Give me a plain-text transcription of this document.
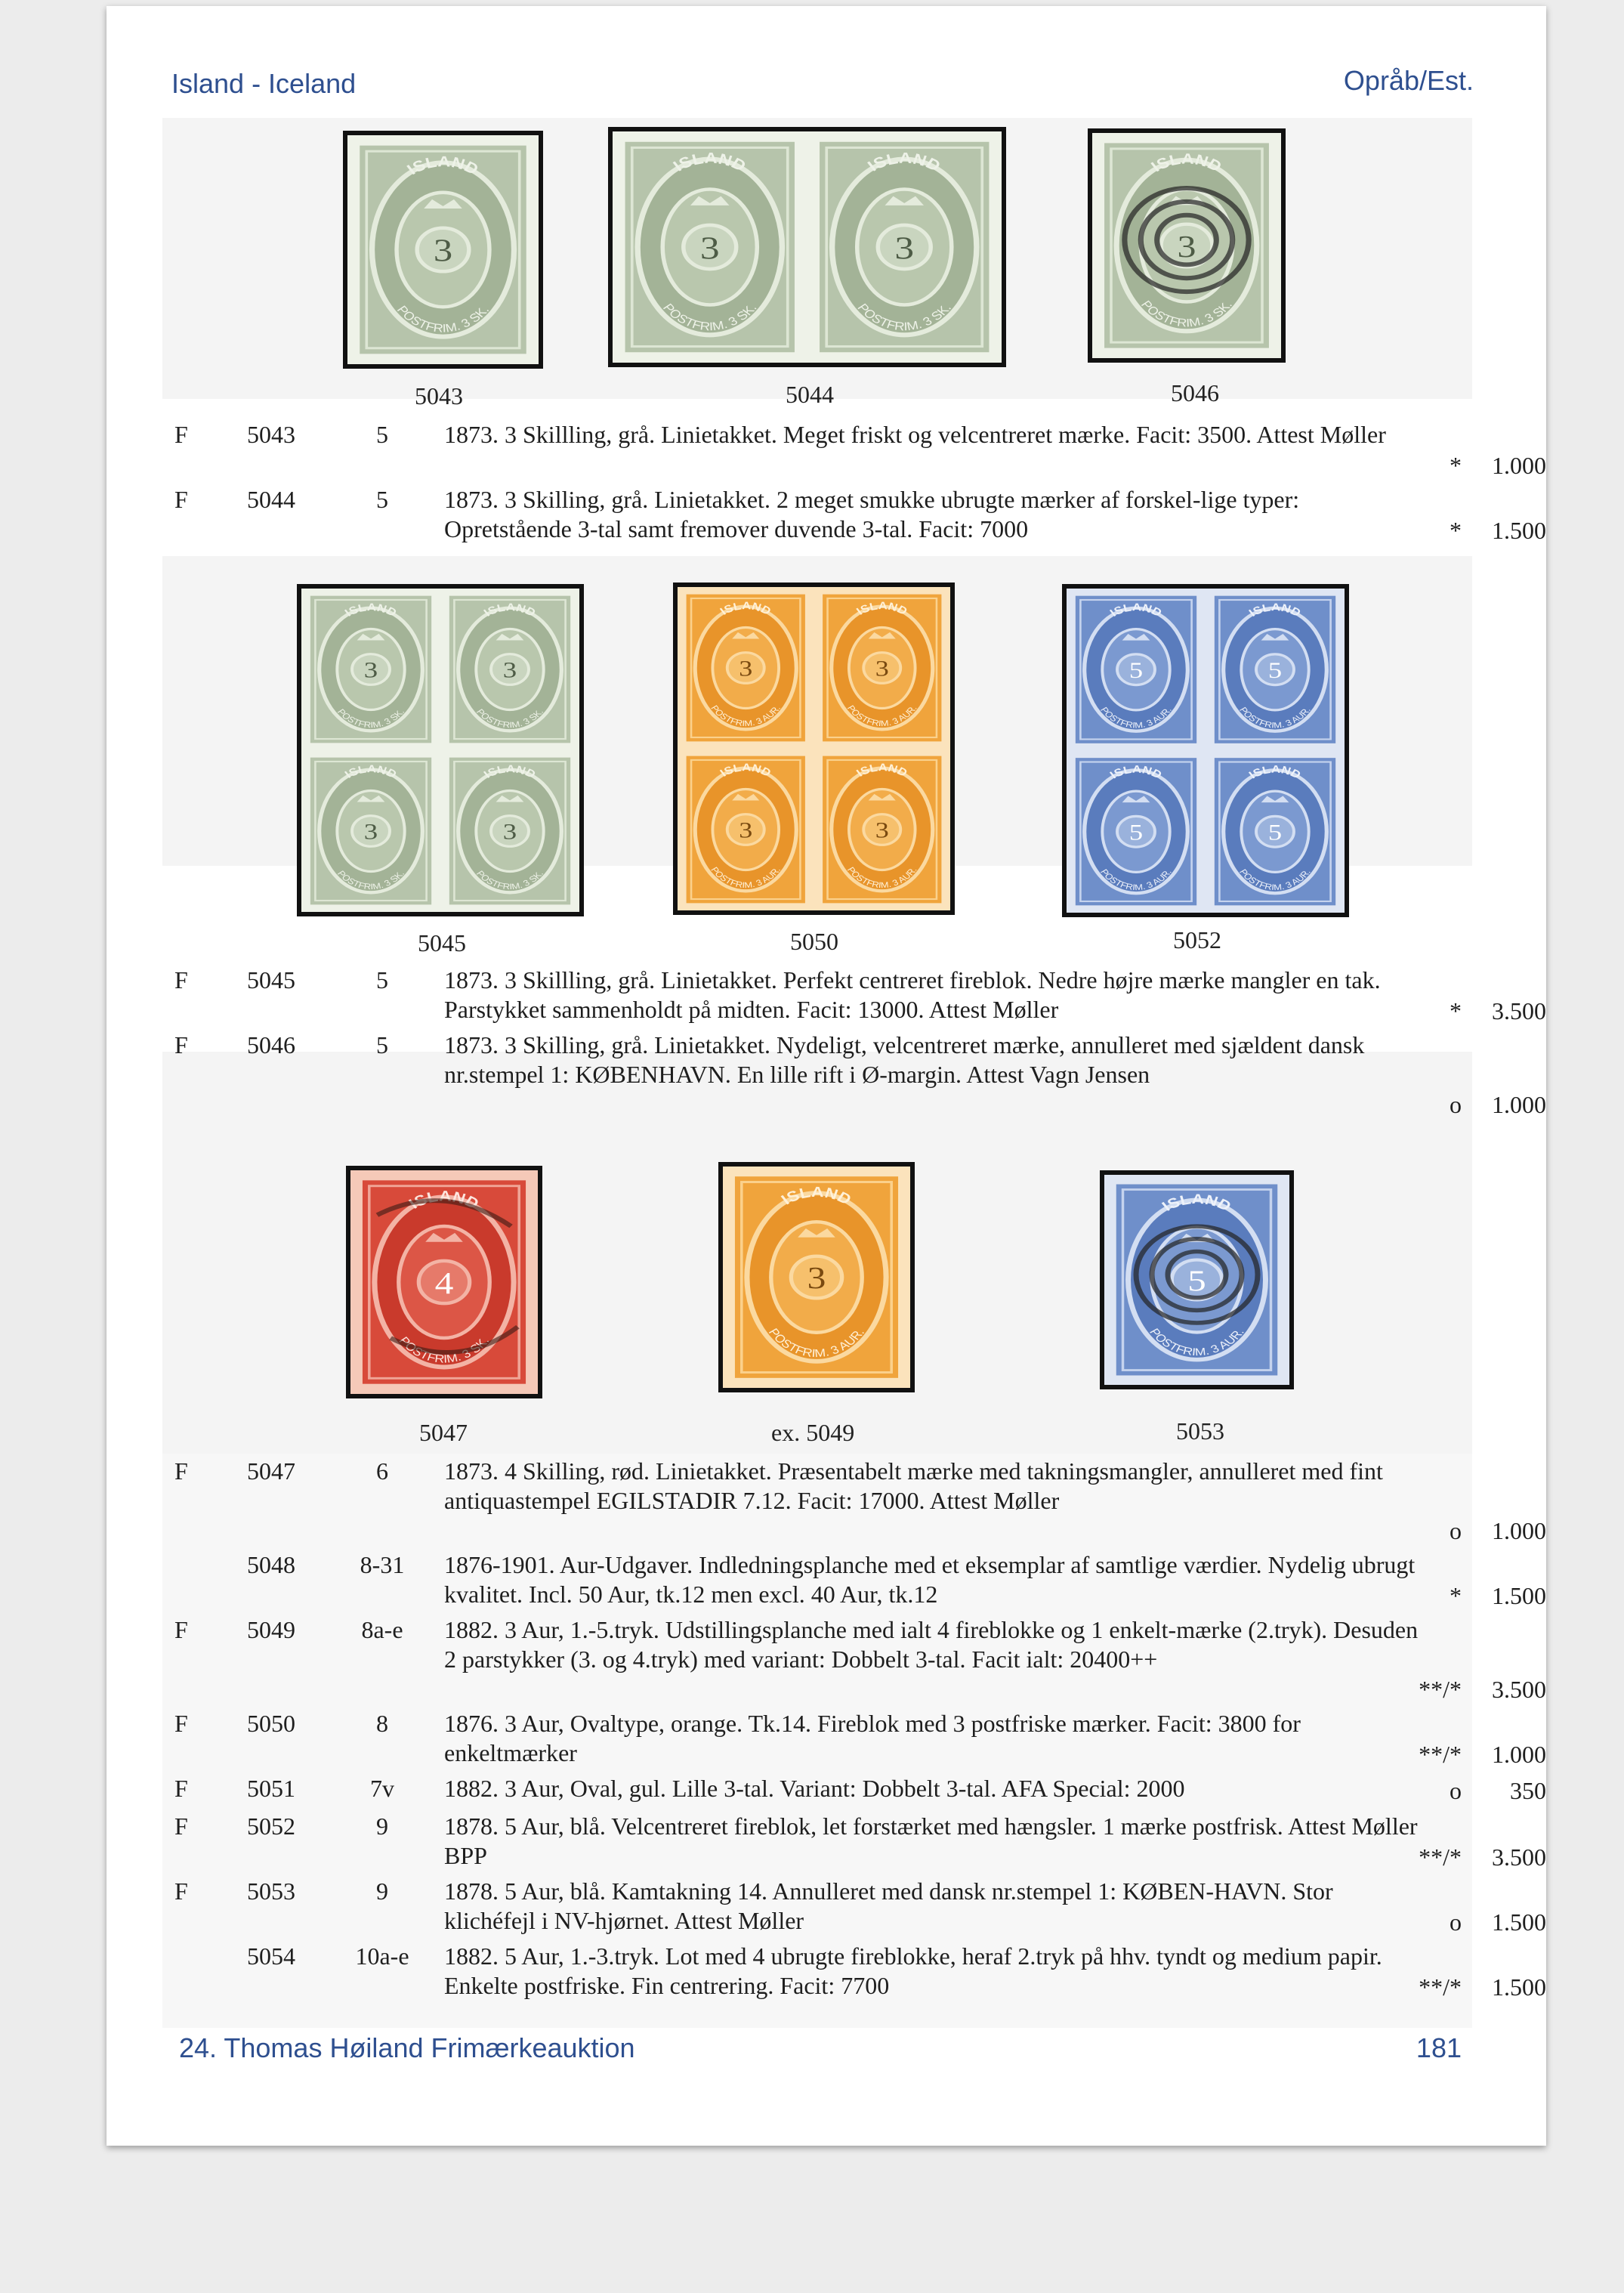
Island - Iceland	Opråb/Est.
5043	5044	5046
5045	5050	5052
5047	ex. 5049	5053
F	5043	5	1873. 3 Skillling, grå. Linietakket. Meget friskt og velcentreret mærke. Facit: 3500. Attest Møller
*	1.000
F	5044	5	1873. 3 Skilling, grå. Linietakket. 2 meget smukke ubrugte mærker af forskel-lige typer: Opretstående 3-tal samt fremover duvende 3-tal. Facit: 7000	*	1.500
F	5045	5	1873. 3 Skillling, grå. Linietakket. Perfekt centreret fireblok. Nedre højre mærke mangler en tak. Parstykket sammenholdt på midten. Facit: 13000. Attest Møller	*	3.500
F	5046	5	1873. 3 Skilling, grå. Linietakket. Nydeligt, velcentreret mærke, annulleret med sjældent dansk nr.stempel 1: KØBENHAVN. En lille rift i Ø-margin. Attest Vagn Jensen
o	1.000
F	5047	6	1873. 4 Skilling, rød. Linietakket. Præsentabelt mærke med takningsmangler, annulleret med fint antiquastempel EGILSTADIR 7.12. Facit: 17000. Attest Møller
o	1.000
5048	8-31	1876-1901. Aur-Udgaver. Indledningsplanche med et eksemplar af samtlige værdier. Nydelig ubrugt kvalitet. Incl. 50 Aur, tk.12 men excl. 40 Aur, tk.12	*	1.500
F	5049	8a-e	1882. 3 Aur, 1.-5.tryk. Udstillingsplanche med ialt 4 fireblokke og 1 enkelt-mærke (2.tryk). Desuden 2 parstykker (3. og 4.tryk) med variant: Dobbelt 3-tal. Facit ialt: 20400++
**/*	3.500
F	5050	8	1876. 3 Aur, Ovaltype, orange. Tk.14. Fireblok med 3 postfriske mærker. Facit: 3800 for enkeltmærker	**/*	1.000
F	5051	7v	1882. 3 Aur, Oval, gul. Lille 3-tal. Variant: Dobbelt 3-tal. AFA Special: 2000	o	350
F	5052	9	1878. 5 Aur, blå. Velcentreret fireblok, let forstærket med hængsler. 1 mærke postfrisk. Attest Møller BPP	**/*	3.500
F	5053	9	1878. 5 Aur, blå. Kamtakning 14. Annulleret med dansk nr.stempel 1: KØBEN-HAVN. Stor klichéfejl i NV-hjørnet. Attest Møller	o	1.500
5054	10a-e	1882. 5 Aur, 1.-3.tryk. Lot med 4 ubrugte fireblokke, heraf 2.tryk på hhv. tyndt og medium papir. Enkelte postfriske. Fin centrering. Facit: 7700	**/*	1.500
24. Thomas Høiland Frimærkeauktion	181
